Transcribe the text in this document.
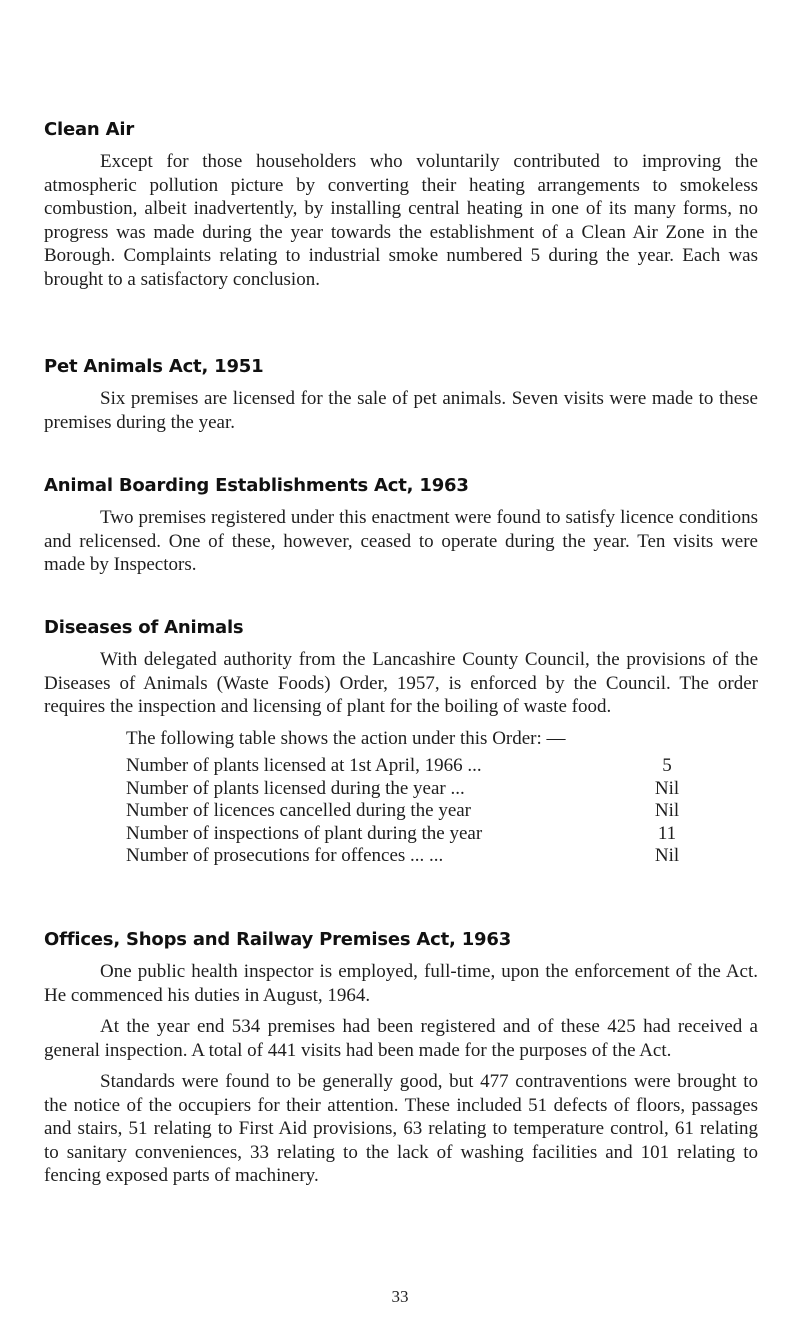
Clean Air

Except for those householders who voluntarily contributed to improving the atmospheric pollution picture by converting their heating arrangements to smokeless combustion, albeit inadvertently, by installing central heating in one of its many forms, no progress was made during the year towards the establishment of a Clean Air Zone in the Borough. Complaints relating to industrial smoke numbered 5 during the year. Each was brought to a satisfactory conclusion.

Pet Animals Act, 1951

Six premises are licensed for the sale of pet animals. Seven visits were made to these premises during the year.

Animal Boarding Establishments Act, 1963

Two premises registered under this enactment were found to satisfy licence conditions and relicensed. One of these, however, ceased to operate during the year. Ten visits were made by Inspectors.

Diseases of Animals

With delegated authority from the Lancashire County Council, the provisions of the Diseases of Animals (Waste Foods) Order, 1957, is enforced by the Council. The order requires the inspection and licensing of plant for the boiling of waste food.

The following table shows the action under this Order: —

Number of plants licensed at 1st April, 1966 ...	5
Number of plants licensed during the year ...	Nil
Number of licences cancelled during the year	Nil
Number of inspections of plant during the year	11
Number of prosecutions for offences ... ...	Nil
Offices, Shops and Railway Premises Act, 1963

One public health inspector is employed, full-time, upon the enforcement of the Act. He commenced his duties in August, 1964.

At the year end 534 premises had been registered and of these 425 had received a general inspection. A total of 441 visits had been made for the purposes of the Act.

Standards were found to be generally good, but 477 contraventions were brought to the notice of the occupiers for their attention. These included 51 defects of floors, passages and stairs, 51 relating to First Aid provisions, 63 relating to temperature control, 61 relating to sanitary conveniences, 33 relating to the lack of washing facilities and 101 relating to fencing exposed parts of machinery.

33
